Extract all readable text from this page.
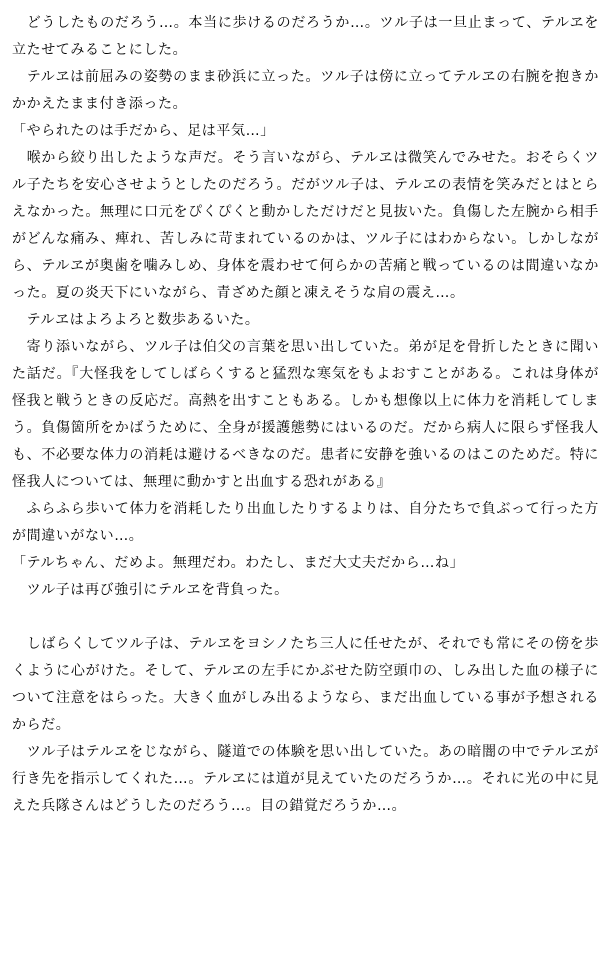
　どうしたものだろう…。本当に歩けるのだろうか…。ツル子は一旦止まって、テルヱを立たせてみることにした。

　テルヱは前屈みの姿勢のまま砂浜に立った。ツル子は傍に立ってテルヱの右腕を抱きかかかえたまま付き添った。

「やられたのは手だから、足は平気…」

　喉から絞り出したような声だ。そう言いながら、テルヱは微笑んでみせた。おそらくツル子たちを安心させようとしたのだろう。だがツル子は、テルヱの表情を笑みだとはとらえなかった。無理に口元をぴくぴくと動かしただけだと見抜いた。負傷した左腕から相手がどんな痛み、痺れ、苦しみに苛まれているのかは、ツル子にはわからない。しかしながら、テルヱが奥歯を噛みしめ、身体を震わせて何らかの苦痛と戦っているのは間違いなかった。夏の炎天下にいながら、青ざめた顔と凍えそうな肩の震え…。

　テルヱはよろよろと数歩あるいた。

　寄り添いながら、ツル子は伯父の言葉を思い出していた。弟が足を骨折したときに聞いた話だ。『大怪我をしてしばらくすると猛烈な寒気をもよおすことがある。これは身体が怪我と戦うときの反応だ。高熱を出すこともある。しかも想像以上に体力を消耗してしまう。負傷箇所をかばうために、全身が援護態勢にはいるのだ。だから病人に限らず怪我人も、不必要な体力の消耗は避けるべきなのだ。患者に安静を強いるのはこのためだ。特に怪我人については、無理に動かすと出血する恐れがある』

　ふらふら歩いて体力を消耗したり出血したりするよりは、自分たちで負ぶって行った方が間違いがない…。

「テルちゃん、だめよ。無理だわ。わたし、まだ大丈夫だから…ね」

　ツル子は再び強引にテルヱを背負った。

　しばらくしてツル子は、テルヱをヨシノたち三人に任せたが、それでも常にその傍を歩くように心がけた。そして、テルヱの左手にかぶせた防空頭巾の、しみ出した血の様子について注意をはらった。大きく血がしみ出るようなら、まだ出血している事が予想されるからだ。

　ツル子はテルヱをじながら、隧道での体験を思い出していた。あの暗闇の中でテルヱが行き先を指示してくれた…。テルヱには道が見えていたのだろうか…。それに光の中に見えた兵隊さんはどうしたのだろう…。目の錯覚だろうか…。
